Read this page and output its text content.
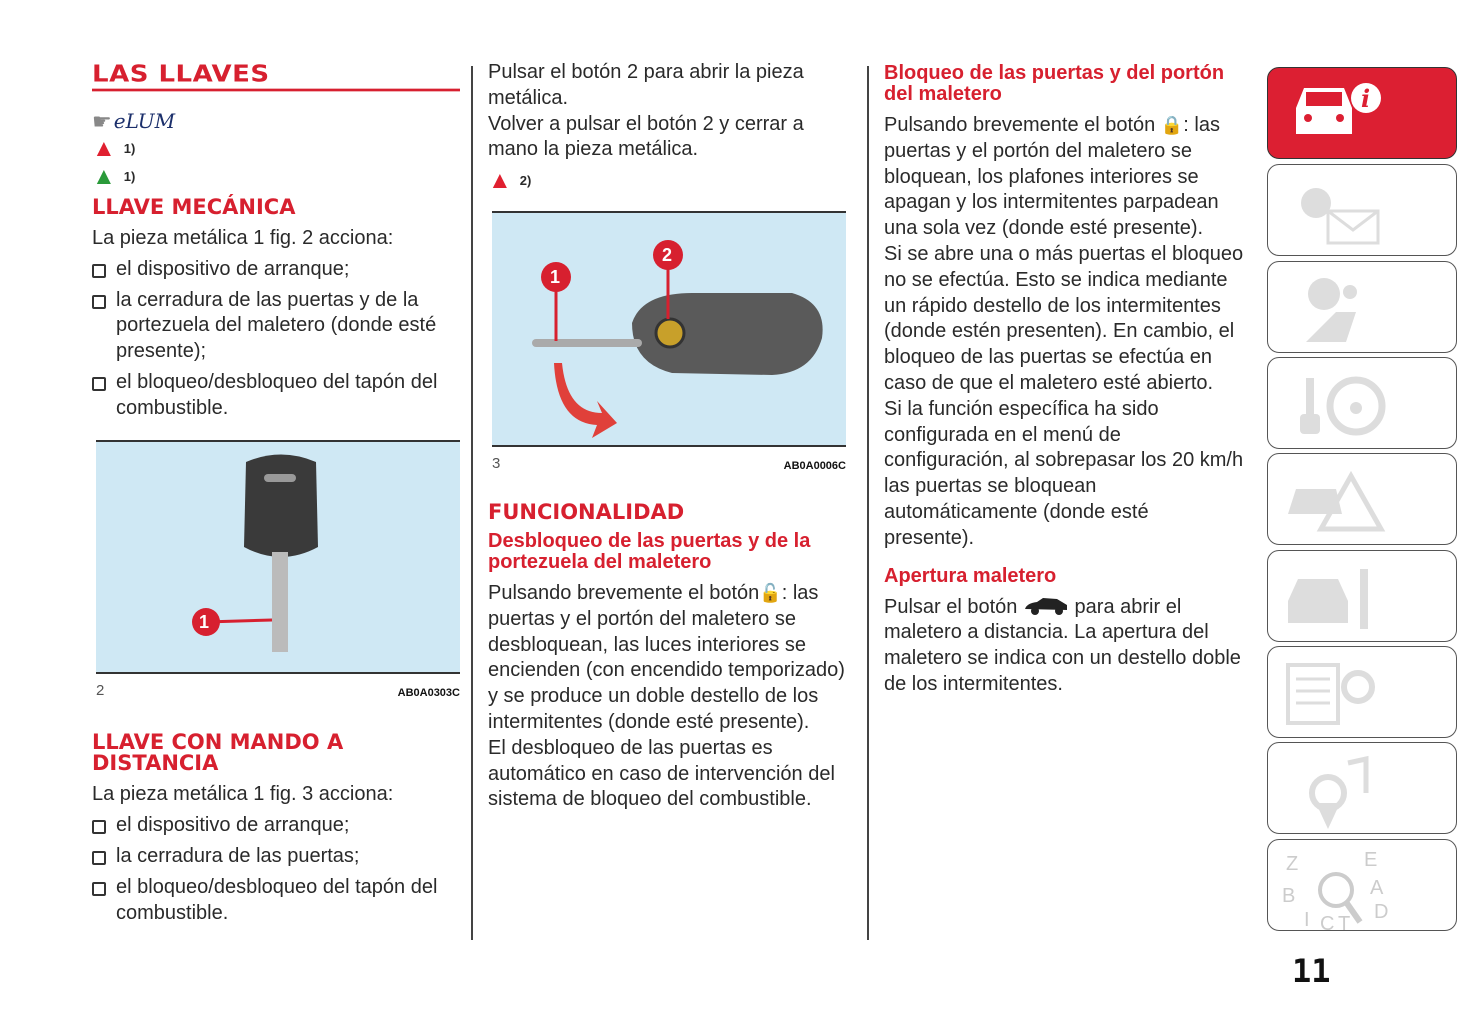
LAS LLAVES
☛ eLUM
▲ 1)
▲ 1)
LLAVE MECÁNICA

La pieza metálica 1 fig. 2 acciona:

el dispositivo de arranque;
la cerradura de las puertas y de la portezuela del maletero (donde esté presente);
el bloqueo/desbloqueo del tapón del combustible.
1
2	AB0A0303C
LLAVE CON MANDO A DISTANCIA

La pieza metálica 1 fig. 3 acciona:

el dispositivo de arranque;
la cerradura de las puertas;
el bloqueo/desbloqueo del tapón del combustible.

Pulsar el botón 2 para abrir la pieza metálica.

Volver a pulsar el botón 2 y cerrar a mano la pieza metálica.

▲ 2)
1
2
3	AB0A0006C
FUNCIONALIDAD
Desbloqueo de las puertas y de la portezuela del maletero

Pulsando brevemente el botón🔓: las puertas y el portón del maletero se desbloquean, las luces interiores se encienden (con encendido temporizado) y se produce un doble destello de los intermitentes (donde esté presente).

El desbloqueo de las puertas es automático en caso de intervención del sistema de bloqueo del combustible.

Bloqueo de las puertas y del portón del maletero

Pulsando brevemente el botón 🔒: las puertas y el portón del maletero se bloquean, los plafones interiores se apagan y los intermitentes parpadean una sola vez (donde esté presente).

Si se abre una o más puertas el bloqueo no se efectúa. Esto se indica mediante un rápido destello de los intermitentes (donde estén presenten). En cambio, el bloqueo de las puertas se efectúa en caso de que el maletero esté abierto.

Si la función específica ha sido configurada en el menú de configuración, al sobrepasar los 20 km/h las puertas se bloquean automáticamente (donde esté presente).

Apertura maletero

Pulsar el botón	para abrir el maletero a distancia. La apertura del maletero se indica con un destello doble de los intermitentes.

i
Z	E
A
B
I C T
D
11
